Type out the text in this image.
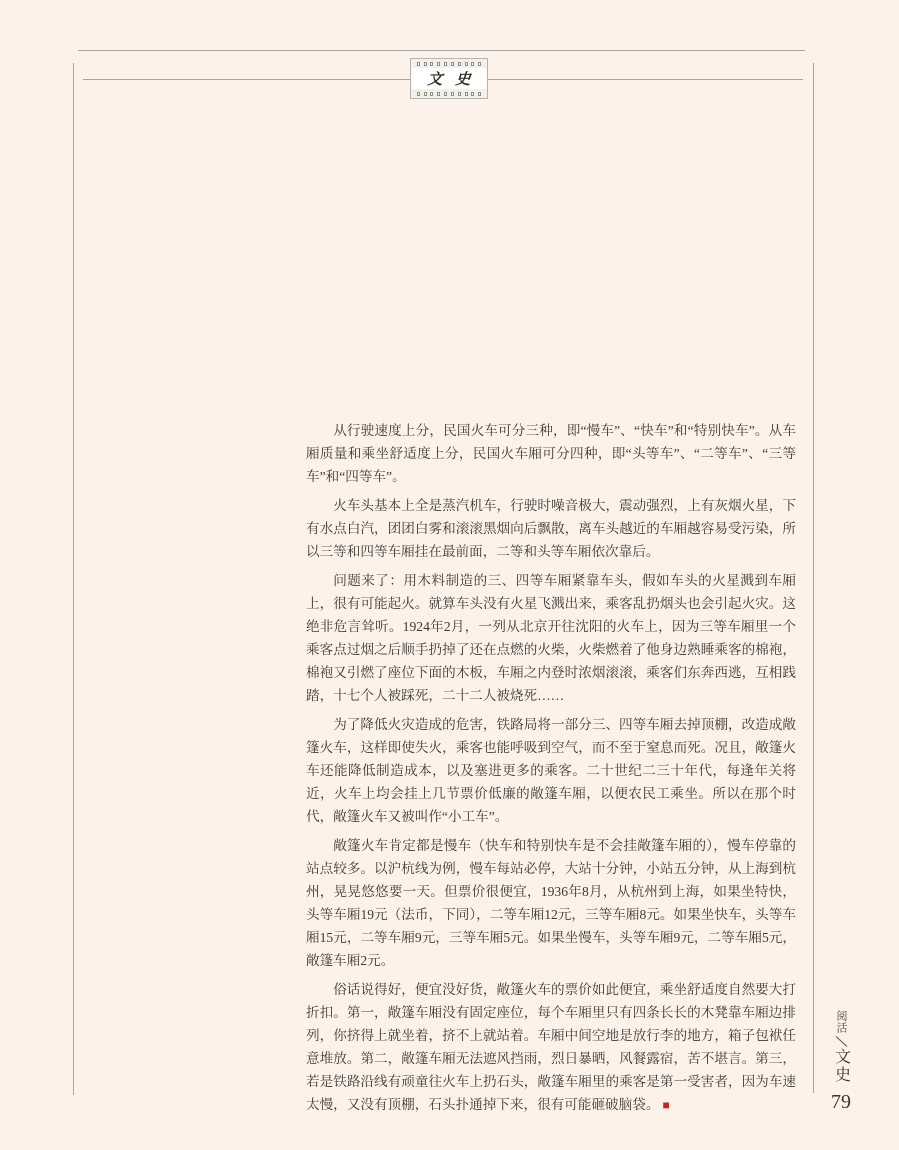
文史

从行驶速度上分，民国火车可分三种，即“慢车”、“快车”和“特别快车”。从车厢质量和乘坐舒适度上分，民国火车厢可分四种，即“头等车”、“二等车”、“三等车”和“四等车”。

火车头基本上全是蒸汽机车，行驶时噪音极大，震动强烈，上有灰烟火星，下有水点白汽，团团白雾和滚滚黑烟向后飘散，离车头越近的车厢越容易受污染，所以三等和四等车厢挂在最前面，二等和头等车厢依次靠后。

问题来了：用木料制造的三、四等车厢紧靠车头，假如车头的火星溅到车厢上，很有可能起火。就算车头没有火星飞溅出来，乘客乱扔烟头也会引起火灾。这绝非危言耸听。1924年2月，一列从北京开往沈阳的火车上，因为三等车厢里一个乘客点过烟之后顺手扔掉了还在点燃的火柴，火柴燃着了他身边熟睡乘客的棉袍，棉袍又引燃了座位下面的木板，车厢之内登时浓烟滚滚，乘客们东奔西逃，互相践踏，十七个人被踩死，二十二人被烧死……

为了降低火灾造成的危害，铁路局将一部分三、四等车厢去掉顶棚，改造成敞篷火车，这样即使失火，乘客也能呼吸到空气，而不至于窒息而死。况且，敞篷火车还能降低制造成本，以及塞进更多的乘客。二十世纪二三十年代，每逢年关将近，火车上均会挂上几节票价低廉的敞篷车厢，以便农民工乘坐。所以在那个时代，敞篷火车又被叫作“小工车”。

敞篷火车肯定都是慢车（快车和特别快车是不会挂敞篷车厢的），慢车停靠的站点较多。以沪杭线为例，慢车每站必停，大站十分钟，小站五分钟，从上海到杭州，晃晃悠悠要一天。但票价很便宜，1936年8月，从杭州到上海，如果坐特快，头等车厢19元（法币，下同），二等车厢12元，三等车厢8元。如果坐快车，头等车厢15元，二等车厢9元，三等车厢5元。如果坐慢车，头等车厢9元，二等车厢5元，敞篷车厢2元。

俗话说得好，便宜没好货，敞篷火车的票价如此便宜，乘坐舒适度自然要大打折扣。第一，敞篷车厢没有固定座位，每个车厢里只有四条长长的木凳靠车厢边排列，你挤得上就坐着，挤不上就站着。车厢中间空地是放行李的地方，箱子包袱任意堆放。第二，敞篷车厢无法遮风挡雨，烈日暴晒，风餐露宿，苦不堪言。第三，若是铁路沿线有顽童往火车上扔石头，敞篷车厢里的乘客是第一受害者，因为车速太慢，又没有顶棚，石头扑通掉下来，很有可能砸破脑袋。 ■

阅活
文史
79
